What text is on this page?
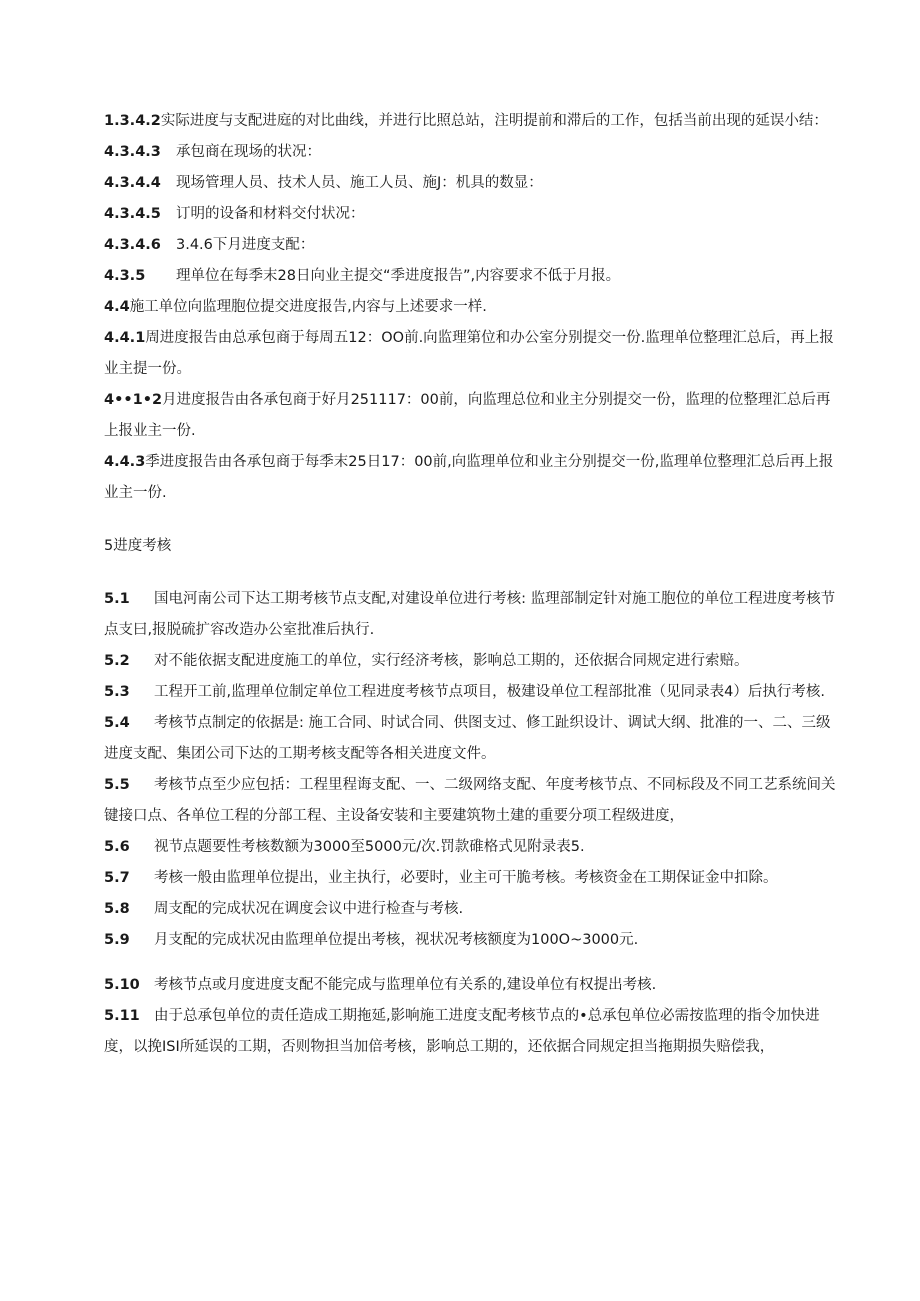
1.3.4.2实际进度与支配进庭的对比曲线，并进行比照总站，注明提前和滞后的工作，包括当前出现的延误小结：

4.3.4.3 承包商在现场的状况：

4.3.4.4 现场管理人员、技术人员、施工人员、施J：机具的数显：

4.3.4.5 订明的设备和材料交付状况：

4.3.4.6 3.4.6下月进度支配：

4.3.5 理单位在每季末28日向业主提交“季进度报告”,内容要求不低于月报。

4.4施工单位向监理胞位提交进度报告,内容与上述要求一样.

4.4.1周进度报告由总承包商于每周五12：OO前.向监理第位和办公室分别提交一份.监理单位整理汇总后，再上报业主提一份。

4••1•2月进度报告由各承包商于好月251117：00前，向监理总位和业主分别提交一份，监理的位整理汇总后再上报业主一份.

4.4.3季进度报告由各承包商于每季末25日17：00前,向监理单位和业主分别提交一份,监理单位整理汇总后再上报业主一份.

5进度考核

5.1 国电河南公司下达工期考核节点支配,对建设单位进行考核: 监理部制定针对施工胞位的单位工程进度考核节点支曰,报脱硫扩容改造办公室批准后执行.

5.2 对不能依据支配进度施工的单位，实行经济考核，影响总工期的，还依据合同规定进行索赔。

5.3 工程开工前,监理单位制定单位工程进度考核节点项目，极建设单位工程部批准（见同录表4）后执行考核.

5.4 考核节点制定的依据是: 施工合同、时试合同、供图支过、修工趾织设计、调试大纲、批准的一、二、三级进度支配、集团公司下达的工期考核支配等各相关进度文件。

5.5 考核节点至少应包括：工程里程诲支配、一、二级网络支配、年度考核节点、不同标段及不同工艺系统间关键接口点、各单位工程的分部工程、主设备安装和主要建筑物土建的重要分项工程级进度，

5.6 视节点题要性考核数额为3000至5000元/次.罚款碓格式见附录表5.

5.7 考核一般由监理单位提出，业主执行，必要时，业主可干脆考核。考核资金在工期保证金中扣除。

5.8 周支配的完成状况在调度会议中进行检查与考核.

5.9 月支配的完成状况由监理单位提出考核，视状况考核额度为100O~3000元.

5.10 考核节点或月度进度支配不能完成与监理单位有关系的,建设单位有权提出考核.

5.11 由于总承包单位的责任造成工期拖延,影响施工进度支配考核节点的•总承包单位必需按监理的指令加快进度，以挽ISI所延误的工期，否则物担当加倍考核，影响总工期的，还依据合同规定担当拖期损失赔偿我，
